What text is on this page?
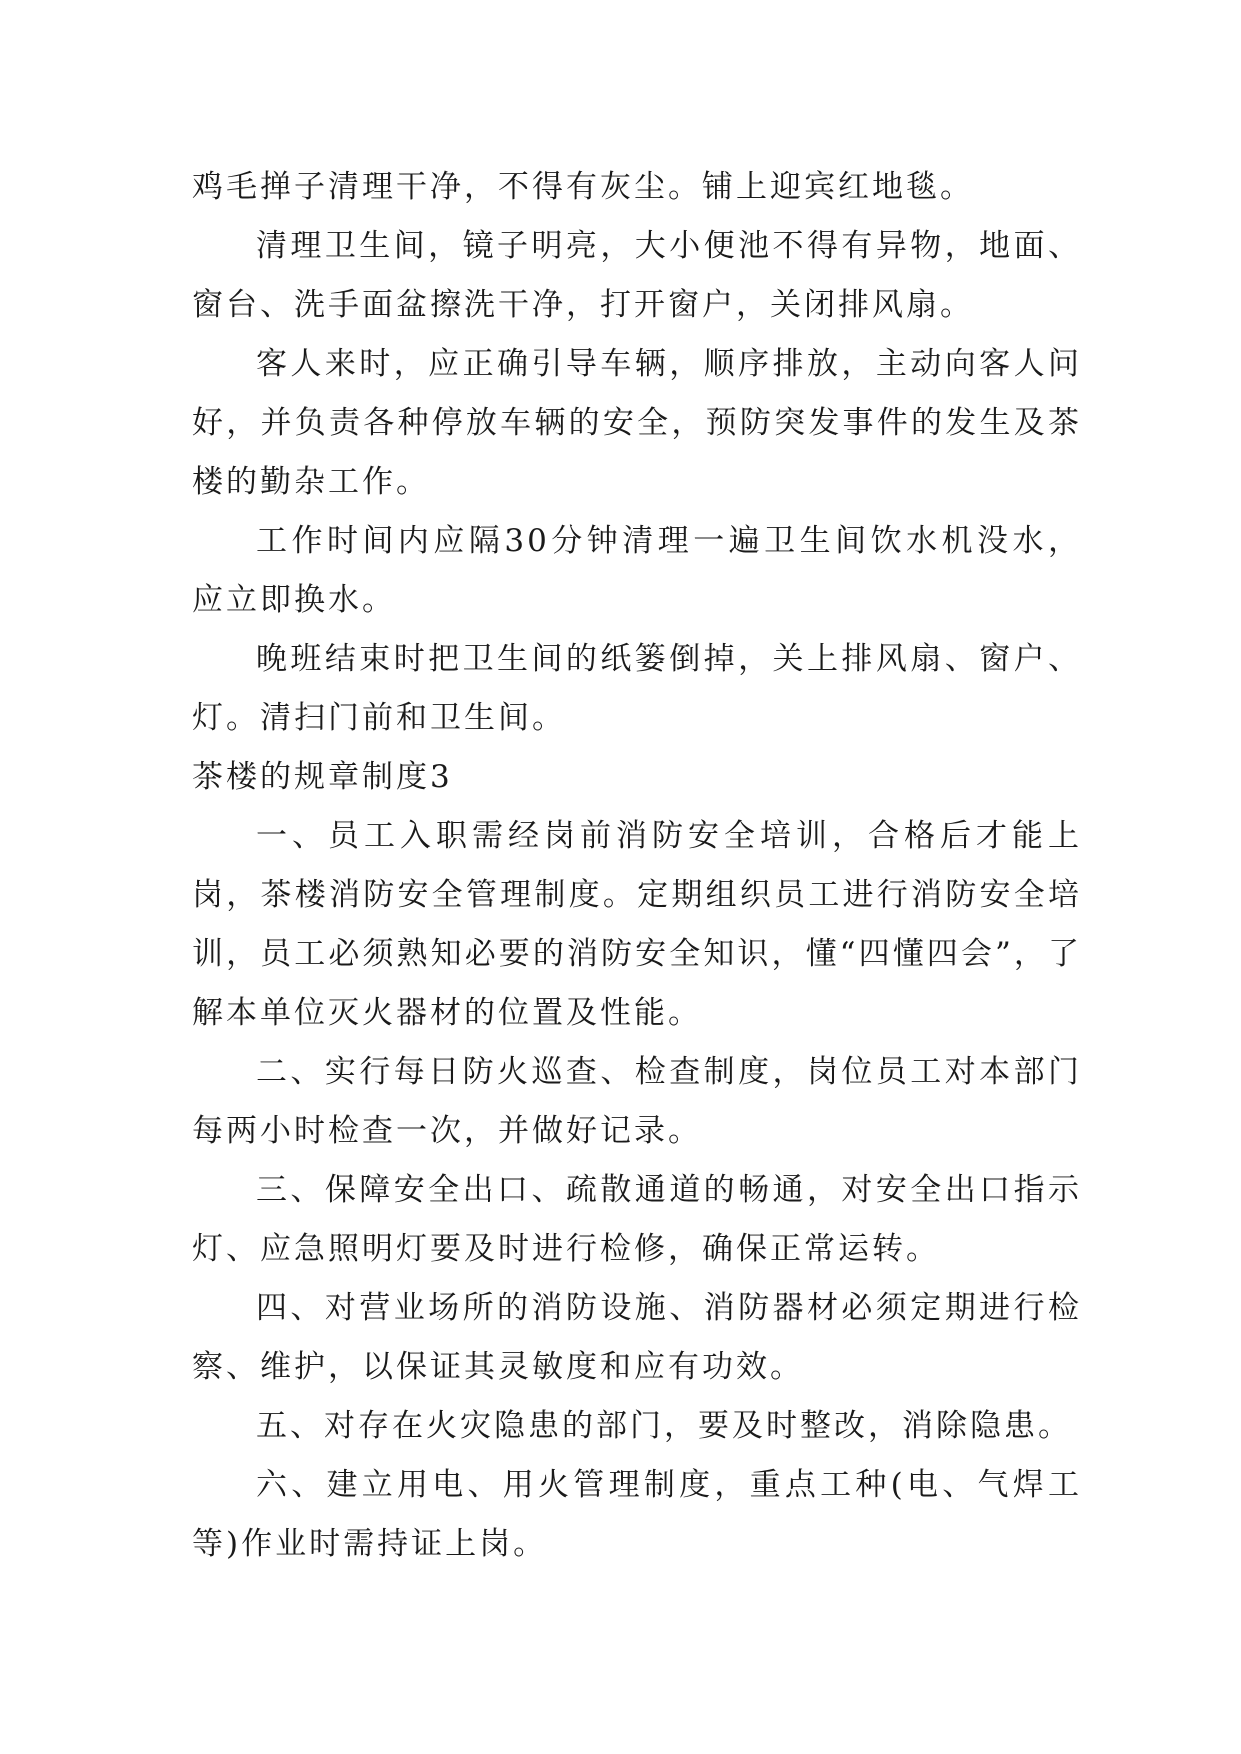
鸡毛掸子清理干净，不得有灰尘。铺上迎宾红地毯。

清理卫生间，镜子明亮，大小便池不得有异物，地面、窗台、洗手面盆擦洗干净，打开窗户，关闭排风扇。

客人来时，应正确引导车辆，顺序排放，主动向客人问好，并负责各种停放车辆的安全，预防突发事件的发生及茶楼的勤杂工作。

工作时间内应隔30分钟清理一遍卫生间饮水机没水，应立即换水。

晚班结束时把卫生间的纸篓倒掉，关上排风扇、窗户、灯。清扫门前和卫生间。

茶楼的规章制度3

一、员工入职需经岗前消防安全培训，合格后才能上岗，茶楼消防安全管理制度。定期组织员工进行消防安全培训，员工必须熟知必要的消防安全知识，懂“四懂四会”，了解本单位灭火器材的位置及性能。

二、实行每日防火巡查、检查制度，岗位员工对本部门每两小时检查一次，并做好记录。

三、保障安全出口、疏散通道的畅通，对安全出口指示灯、应急照明灯要及时进行检修，确保正常运转。

四、对营业场所的消防设施、消防器材必须定期进行检察、维护，以保证其灵敏度和应有功效。

五、对存在火灾隐患的部门，要及时整改，消除隐患。

六、建立用电、用火管理制度，重点工种(电、气焊工等)作业时需持证上岗。
